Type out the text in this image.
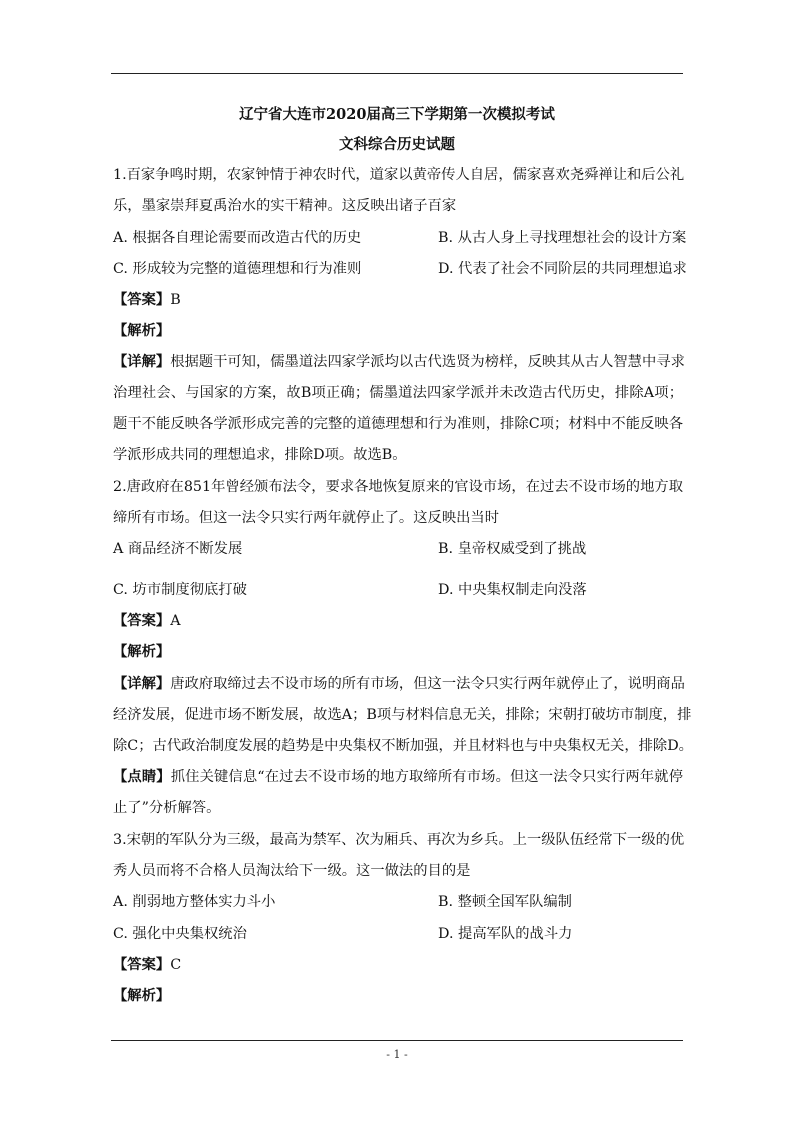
辽宁省大连市2020届高三下学期第一次模拟考试
文科综合历史试题
1.百家争鸣时期，农家钟情于神农时代，道家以黄帝传人自居，儒家喜欢尧舜禅让和后公礼
乐，墨家崇拜夏禹治水的实干精神。这反映出诸子百家
A. 根据各自理论需要而改造古代的历史	B. 从古人身上寻找理想社会的设计方案
C. 形成较为完整的道德理想和行为准则	D. 代表了社会不同阶层的共同理想追求
【答案】B
【解析】
【详解】根据题干可知，儒墨道法四家学派均以古代选贤为榜样，反映其从古人智慧中寻求
治理社会、与国家的方案，故B项正确；儒墨道法四家学派并未改造古代历史，排除A项；
题干不能反映各学派形成完善的完整的道德理想和行为准则，排除C项；材料中不能反映各
学派形成共同的理想追求，排除D项。故选B。
2.唐政府在851年曾经颁布法令，要求各地恢复原来的官设市场，在过去不设市场的地方取
缔所有市场。但这一法令只实行两年就停止了。这反映出当时
A 商品经济不断发展	B. 皇帝权威受到了挑战
C. 坊市制度彻底打破	D. 中央集权制走向没落
【答案】A
【解析】
【详解】唐政府取缔过去不设市场的所有市场，但这一法令只实行两年就停止了，说明商品
经济发展，促进市场不断发展，故选A；B项与材料信息无关，排除；宋朝打破坊市制度，排
除C；古代政治制度发展的趋势是中央集权不断加强，并且材料也与中央集权无关，排除D。
【点睛】抓住关键信息“在过去不设市场的地方取缔所有市场。但这一法令只实行两年就停
止了”分析解答。
3.宋朝的军队分为三级，最高为禁军、次为厢兵、再次为乡兵。上一级队伍经常下一级的优
秀人员而将不合格人员淘汰给下一级。这一做法的目的是
A. 削弱地方整体实力斗小	B. 整顿全国军队编制
C. 强化中央集权统治	D. 提高军队的战斗力
【答案】C
【解析】
- 1 -
